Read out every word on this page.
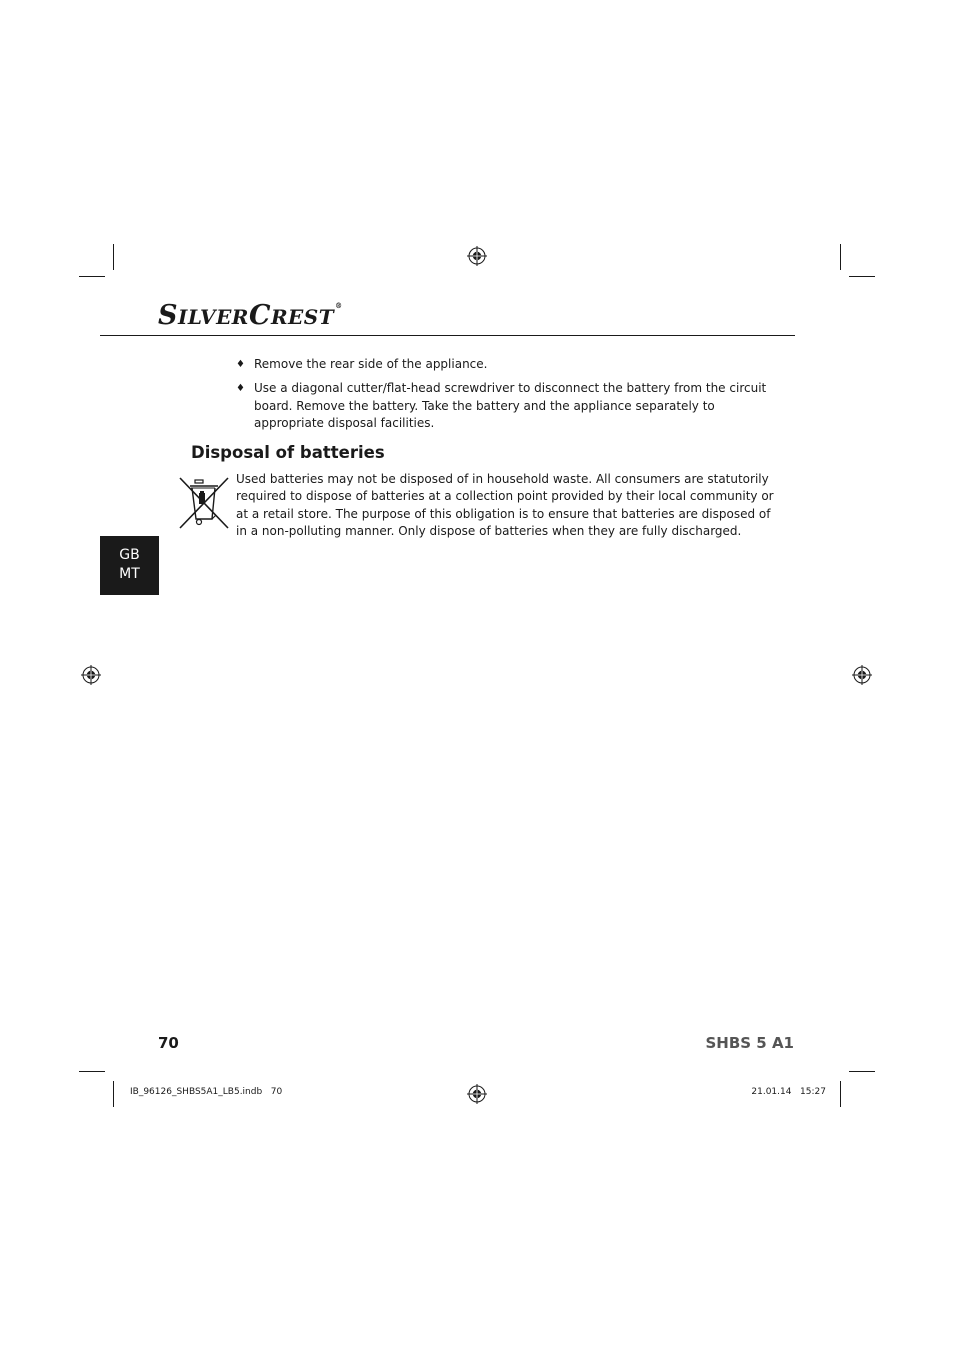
SILVERCREST®
♦ Remove the rear side of the appliance.
♦ Use a diagonal cutter/flat-head screwdriver to disconnect the battery from the circuit board. Remove the battery. Take the battery and the appliance separately to appropriate disposal facilities.
Disposal of batteries
Used batteries may not be disposed of in household waste. All consumers are statutorily required to dispose of batteries at a collection point provided by their local community or at a retail store. The purpose of this obligation is to ensure that batteries are disposed of in a non-polluting manner. Only dispose of batteries when they are fully discharged.
GB
MT
70	SHBS 5 A1
IB_96126_SHBS5A1_LB5.indb   70	21.01.14   15:27
